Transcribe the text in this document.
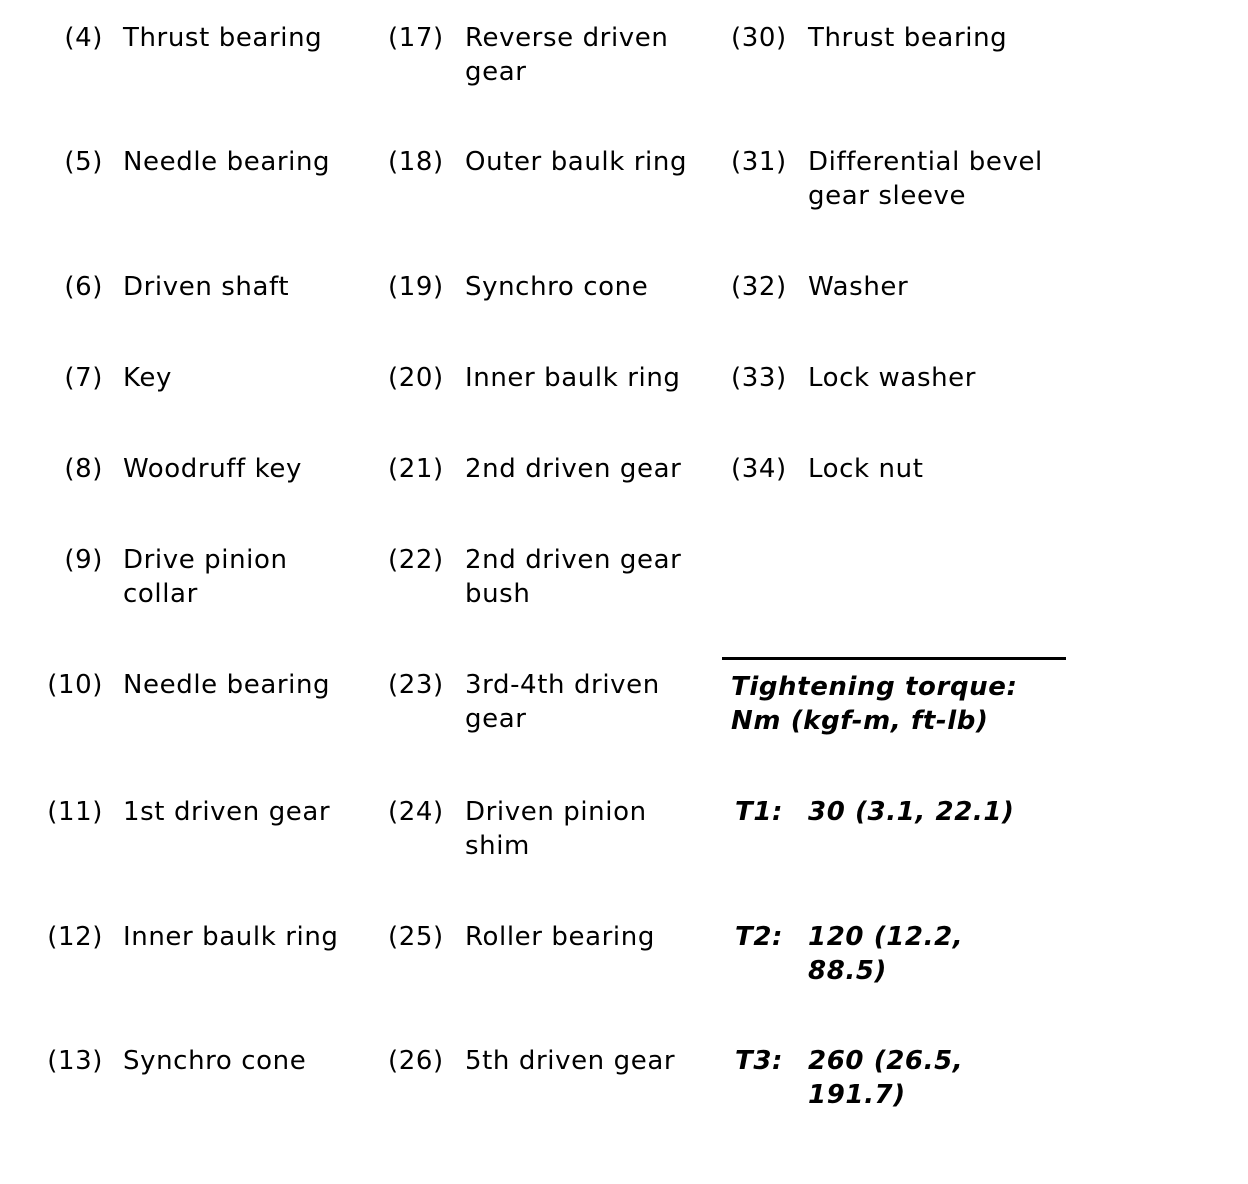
(4) Thrust bearing
(5) Needle bearing
(6) Driven shaft
(7) Key
(8) Woodruff key
(9) Drive pinion collar
(10) Needle bearing
(11) 1st driven gear
(12) Inner baulk ring
(13) Synchro cone
(17) Reverse driven gear
(18) Outer baulk ring
(19) Synchro cone
(20) Inner baulk ring
(21) 2nd driven gear
(22) 2nd driven gear bush
(23) 3rd-4th driven gear
(24) Driven pinion shim
(25) Roller bearing
(26) 5th driven gear
(30) Thrust bearing
(31) Differential bevel gear sleeve
(32) Washer
(33) Lock washer
(34) Lock nut
Tightening torque: Nm (kgf-m, ft-lb)
T1: 30 (3.1, 22.1)
T2: 120 (12.2, 88.5)
T3: 260 (26.5, 191.7)
